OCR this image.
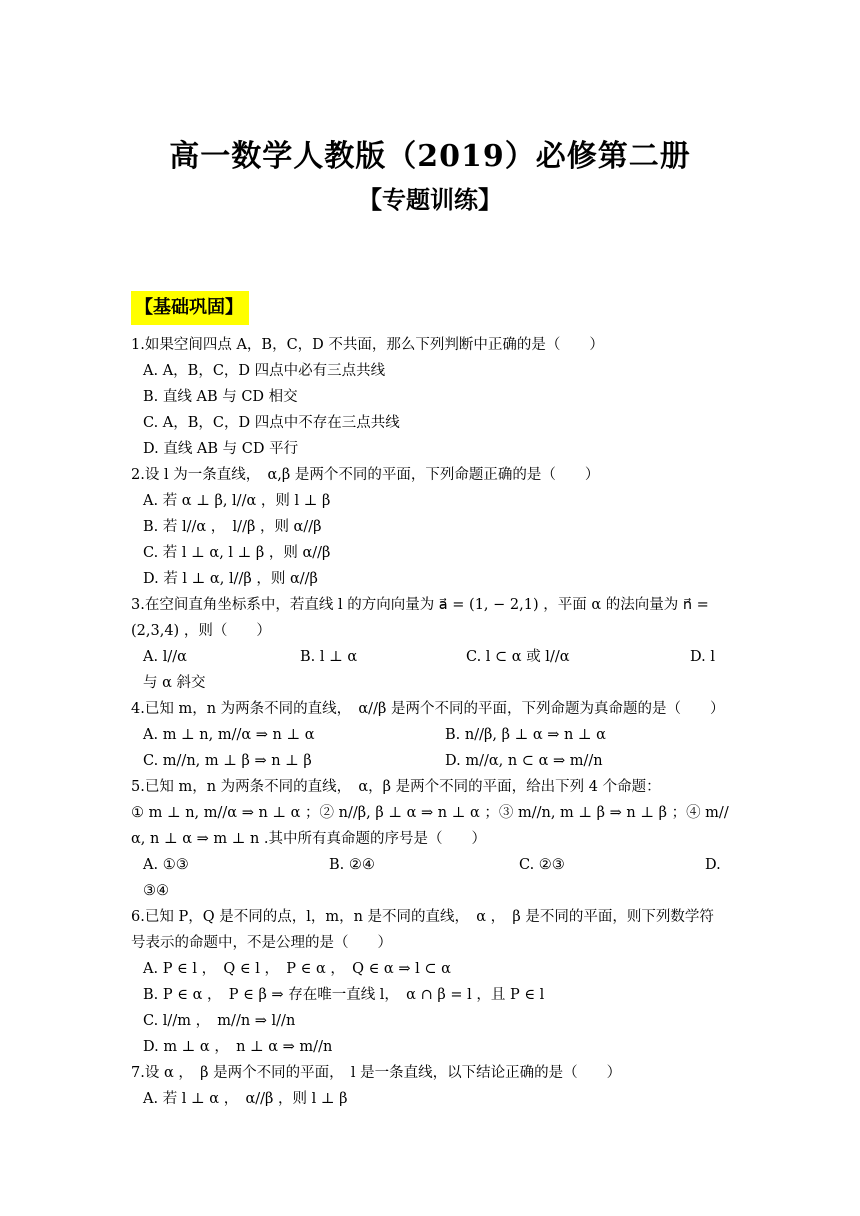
高一数学人教版（2019）必修第二册
【专题训练】
【基础巩固】
1.如果空间四点 A，B，C，D 不共面，那么下列判断中正确的是（　　）
A. A，B，C，D 四点中必有三点共线
B. 直线 AB 与 CD 相交
C. A，B，C，D 四点中不存在三点共线
D. 直线 AB 与 CD 平行
2.设 l 为一条直线，　α,β 是两个不同的平面，下列命题正确的是（　　）
A. 若 α ⊥ β, l//α ，则 l ⊥ β
B. 若 l//α ，　l//β ，则 α//β
C. 若 l ⊥ α, l ⊥ β ，则 α//β
D. 若 l ⊥ α, l//β ，则 α//β
3.在空间直角坐标系中，若直线 l 的方向向量为 a⃗ = (1, − 2,1) ，平面 α 的法向量为 n⃗ =
(2,3,4) ，则（　　）
A. l//α	B. l ⊥ α	C. l ⊂ α 或 l//α	D. l
与 α 斜交
4.已知 m，n 为两条不同的直线，　α//β 是两个不同的平面，下列命题为真命题的是（　　）
A. m ⊥ n, m//α ⇒ n ⊥ α	B. n//β, β ⊥ α ⇒ n ⊥ α
C. m//n, m ⊥ β ⇒ n ⊥ β	D. m//α, n ⊂ α ⇒ m//n
5.已知 m，n 为两条不同的直线，　α，β 是两个不同的平面，给出下列 4 个命题：
① m ⊥ n, m//α ⇒ n ⊥ α ；② n//β, β ⊥ α ⇒ n ⊥ α ；③ m//n, m ⊥ β ⇒ n ⊥ β ；④ m//
α, n ⊥ α ⇒ m ⊥ n .其中所有真命题的序号是（　　）
A. ①③	B. ②④	C. ②③	D.
③④
6.已知 P，Q 是不同的点，l，m，n 是不同的直线，　α ，　β 是不同的平面，则下列数学符
号表示的命题中，不是公理的是（　　）
A. P ∈ l ，　Q ∈ l ，　P ∈ α ，　Q ∈ α ⇒ l ⊂ α
B. P ∈ α ，　P ∈ β ⇒ 存在唯一直线 l，　α ∩ β = l ，且 P ∈ l
C. l//m ，　m//n ⇒ l//n
D. m ⊥ α ，　n ⊥ α ⇒ m//n
7.设 α ，　β 是两个不同的平面，　l 是一条直线，以下结论正确的是（　　）
A. 若 l ⊥ α ，　α//β ，则 l ⊥ β
